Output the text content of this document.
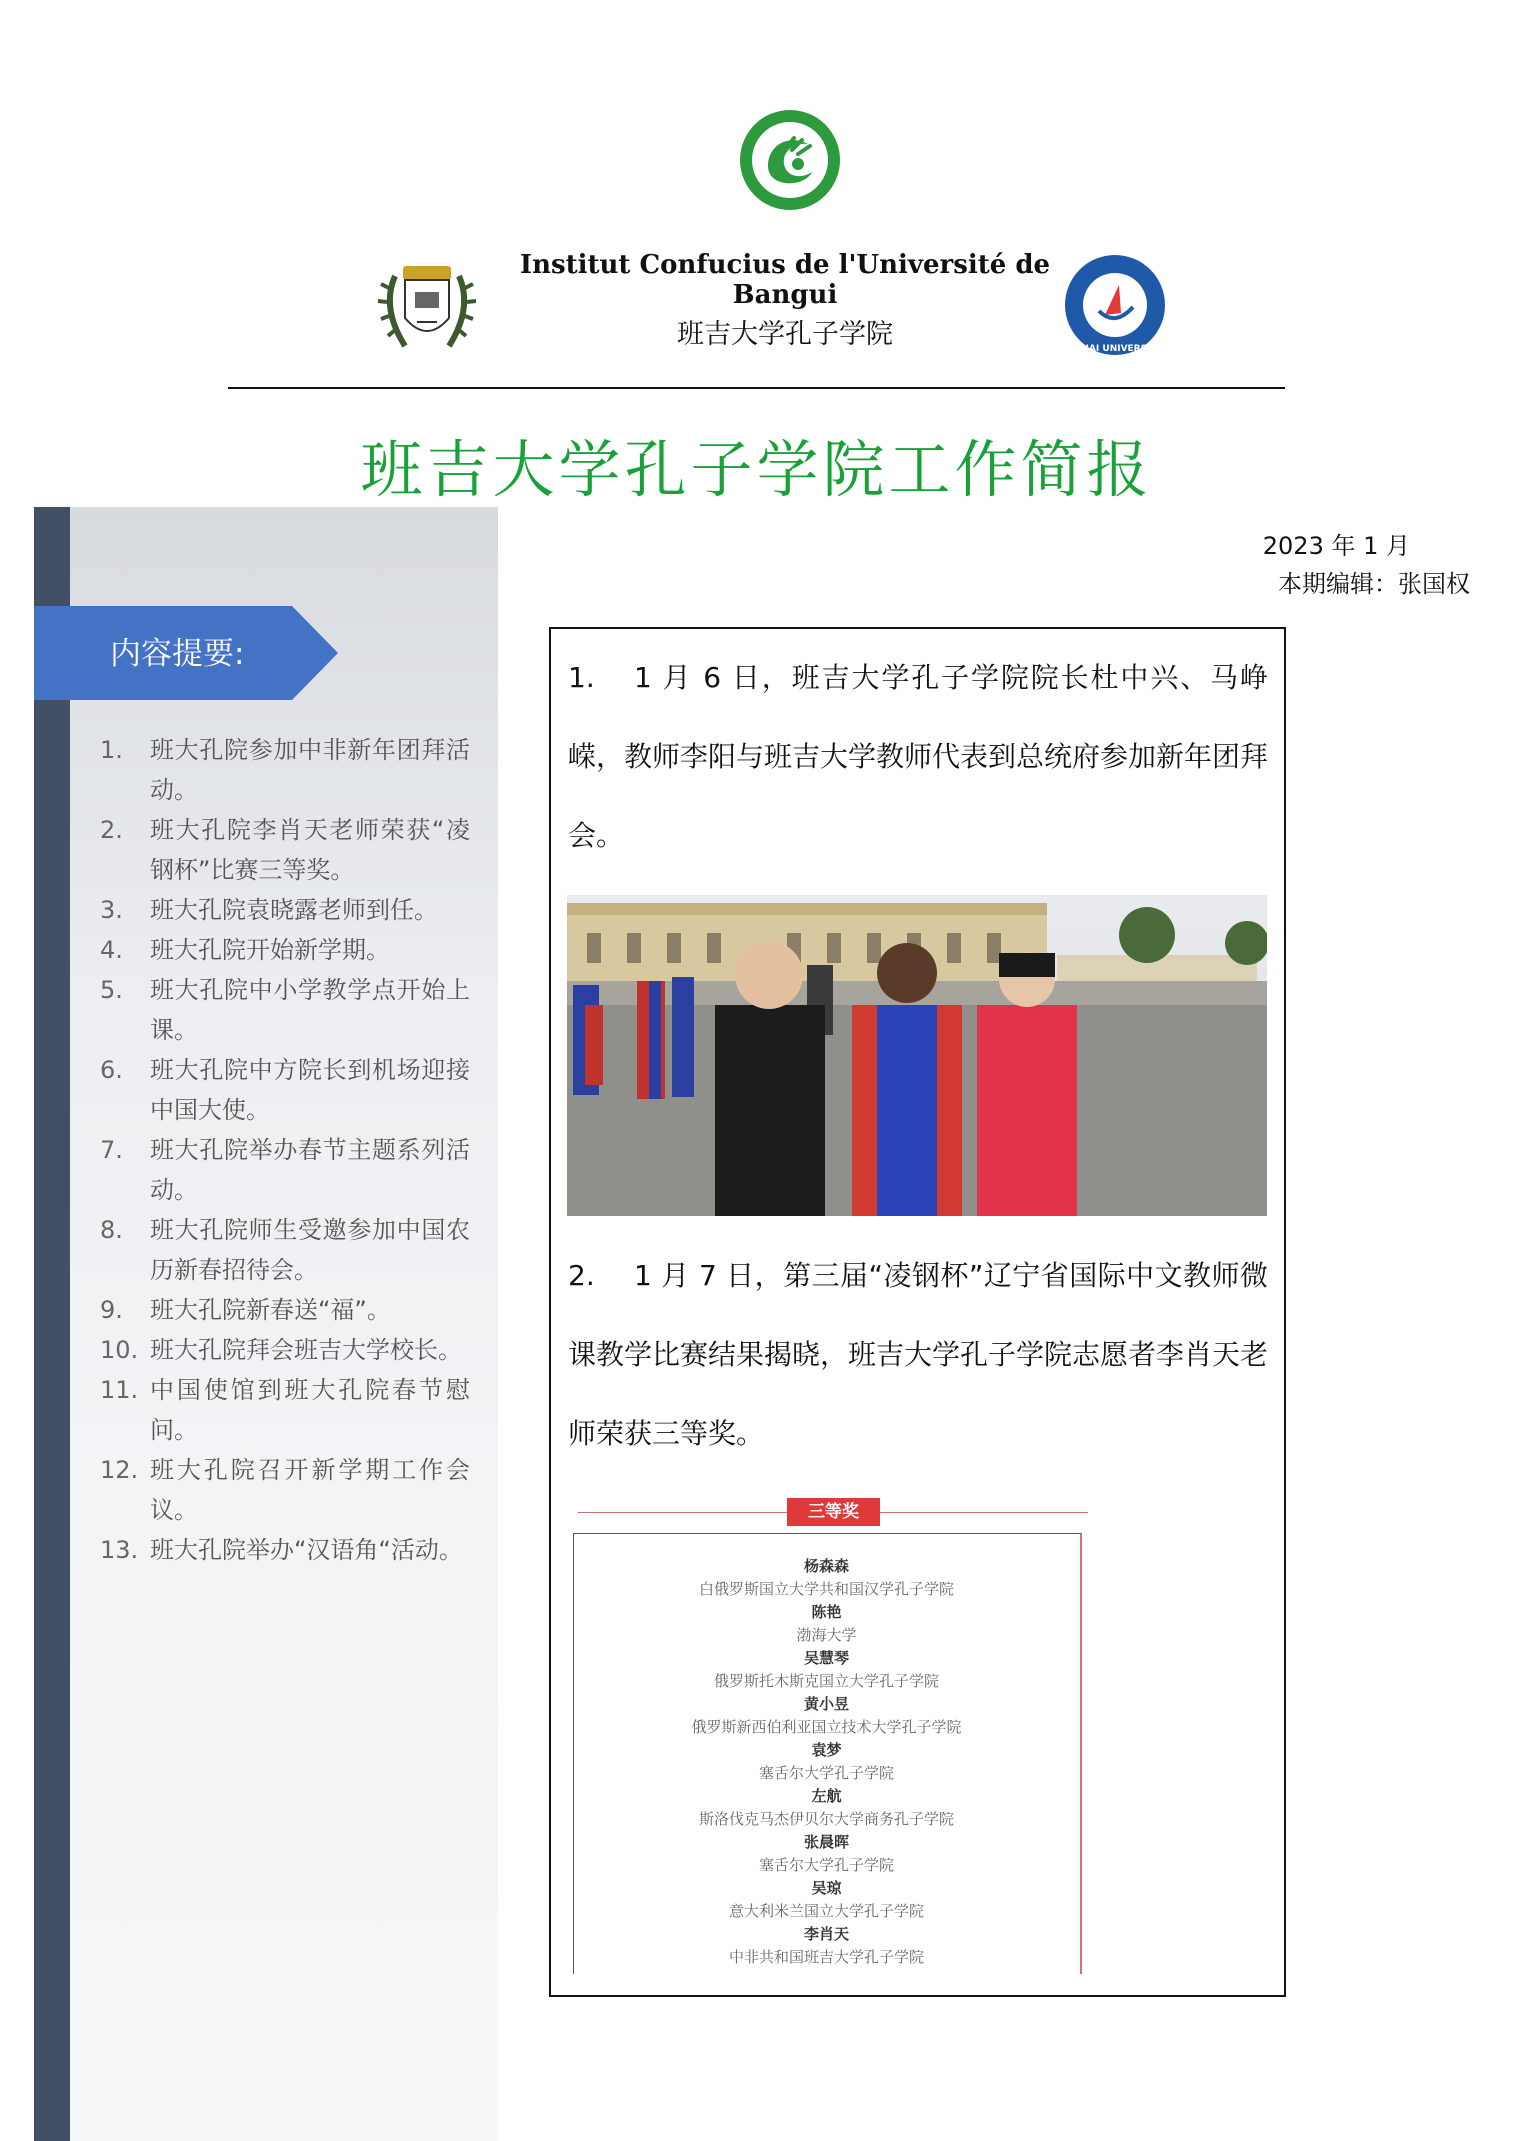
Institut Confucius de l'Université de Bangui
班吉大学孔子学院	BOHAI UNIVERSITY
班吉大学孔子学院工作简报
内容提要:
1.	班大孔院参加中非新年团拜活动。
2.	班大孔院李肖天老师荣获“凌钢杯”比赛三等奖。
3.	班大孔院袁晓露老师到任。
4.	班大孔院开始新学期。
5.	班大孔院中小学教学点开始上课。
6.	班大孔院中方院长到机场迎接中国大使。
7.	班大孔院举办春节主题系列活动。
8.	班大孔院师生受邀参加中国农历新春招待会。
9.	班大孔院新春送“福”。
10. 班大孔院拜会班吉大学校长。
11. 中国使馆到班大孔院春节慰问。
12. 班大孔院召开新学期工作会议。
13. 班大孔院举办“汉语角“活动。
2023 年 1 月
本期编辑：张国权
1. 1 月 6 日，班吉大学孔子学院院长杜中兴、马峥嵘，教师李阳与班吉大学教师代表到总统府参加新年团拜会。
2. 1 月 7 日，第三届“凌钢杯”辽宁省国际中文教师微课教学比赛结果揭晓，班吉大学孔子学院志愿者李肖天老师荣获三等奖。
三等奖
杨森森
白俄罗斯国立大学共和国汉学孔子学院
陈艳
渤海大学
吴慧琴
俄罗斯托木斯克国立大学孔子学院
黄小昱
俄罗斯新西伯利亚国立技术大学孔子学院
袁梦
塞舌尔大学孔子学院
左航
斯洛伐克马杰伊贝尔大学商务孔子学院
张晨晖
塞舌尔大学孔子学院
吴琼
意大利米兰国立大学孔子学院
李肖天
中非共和国班吉大学孔子学院
